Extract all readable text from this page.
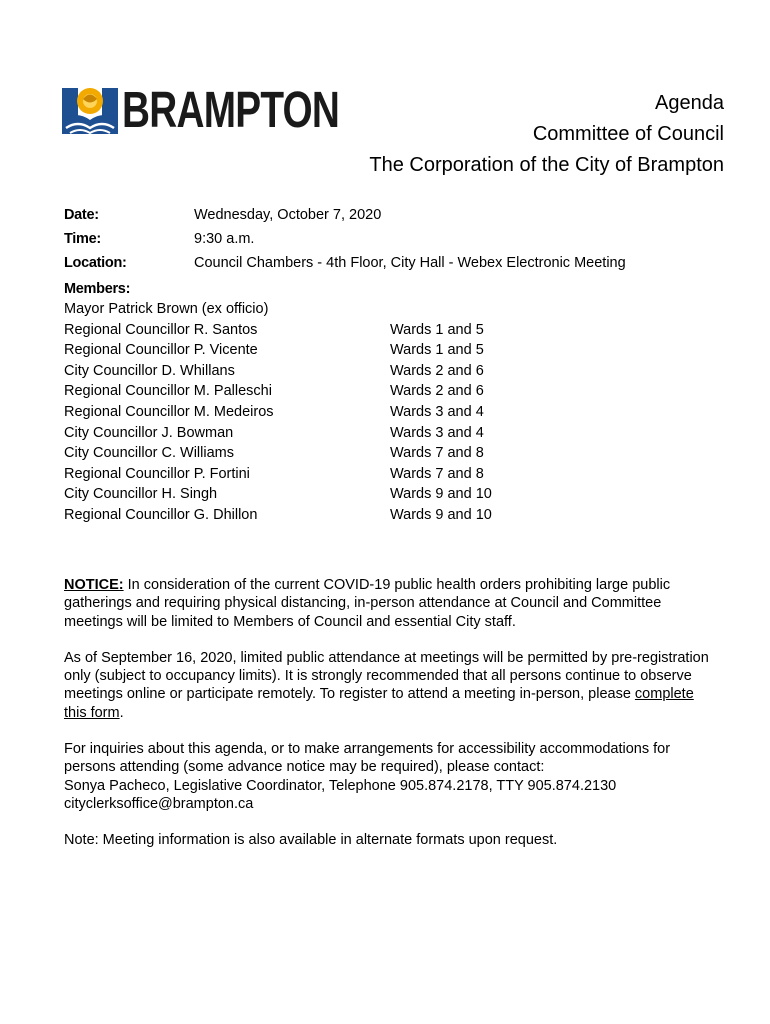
BRAMPTON	Agenda
Committee of Council
The Corporation of the City of Brampton
Date:	Wednesday, October 7, 2020
Time:	9:30 a.m.
Location:	Council Chambers - 4th Floor, City Hall - Webex Electronic Meeting
Members:
Mayor Patrick Brown (ex officio)
Regional Councillor R. Santos	Wards 1 and 5
Regional Councillor P. Vicente	Wards 1 and 5
City Councillor D. Whillans	Wards 2 and 6
Regional Councillor M. Palleschi	Wards 2 and 6
Regional Councillor M. Medeiros	Wards 3 and 4
City Councillor J. Bowman	Wards 3 and 4
City Councillor C. Williams	Wards 7 and 8
Regional Councillor P. Fortini	Wards 7 and 8
City Councillor H. Singh	Wards 9 and 10
Regional Councillor G. Dhillon	Wards 9 and 10

NOTICE: In consideration of the current COVID-19 public health orders prohibiting large public gatherings and requiring physical distancing, in-person attendance at Council and Committee meetings will be limited to Members of Council and essential City staff.

As of September 16, 2020, limited public attendance at meetings will be permitted by pre-registration only (subject to occupancy limits). It is strongly recommended that all persons continue to observe meetings online or participate remotely. To register to attend a meeting in-person, please complete this form.

For inquiries about this agenda, or to make arrangements for accessibility accommodations for persons attending (some advance notice may be required), please contact:

Sonya Pacheco, Legislative Coordinator, Telephone 905.874.2178, TTY 905.874.2130

cityclerksoffice@brampton.ca

Note: Meeting information is also available in alternate formats upon request.
